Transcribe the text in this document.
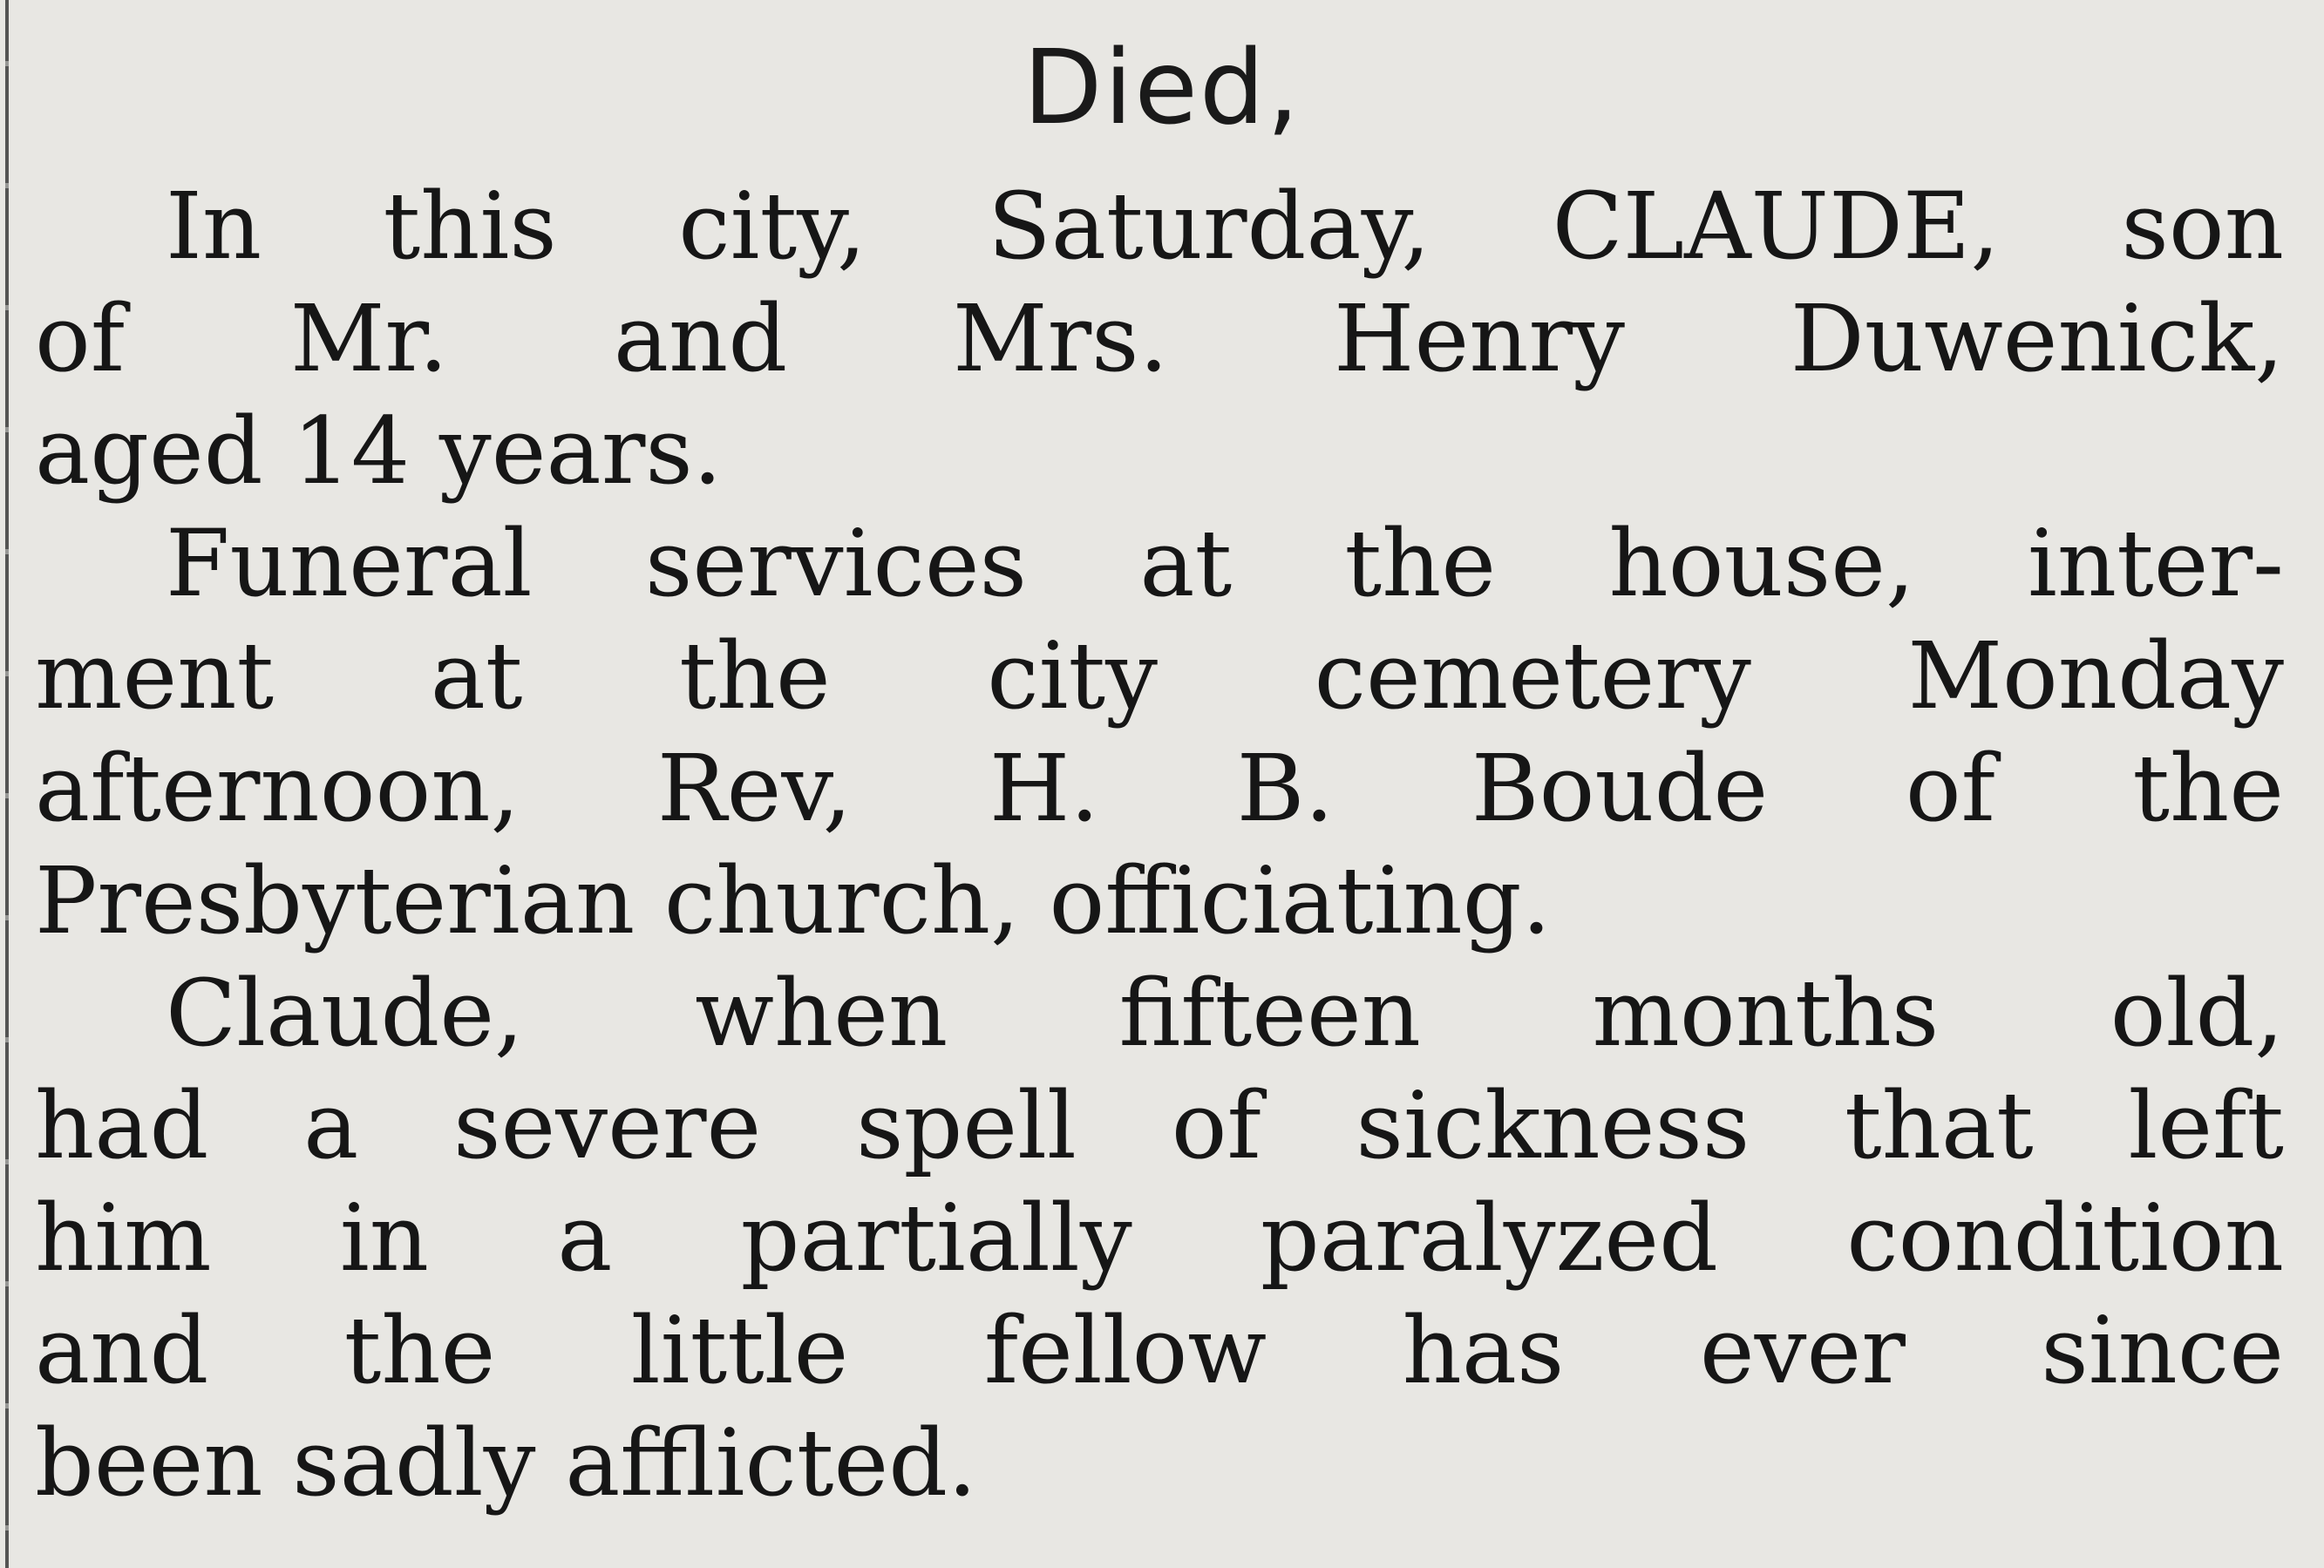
Died,
In this city, Saturday, CLAUDE, son
of Mr. and Mrs. Henry Duwenick,
aged 14 years.
Funeral services at the house, inter-
ment at the city cemetery Monday
afternoon, Rev, H. B. Boude of the
Presbyterian church, officiating.
Claude, when fifteen months old,
had a severe spell of sickness that left
him in a partially paralyzed condition
and the little fellow has ever since
been sadly afflicted.
